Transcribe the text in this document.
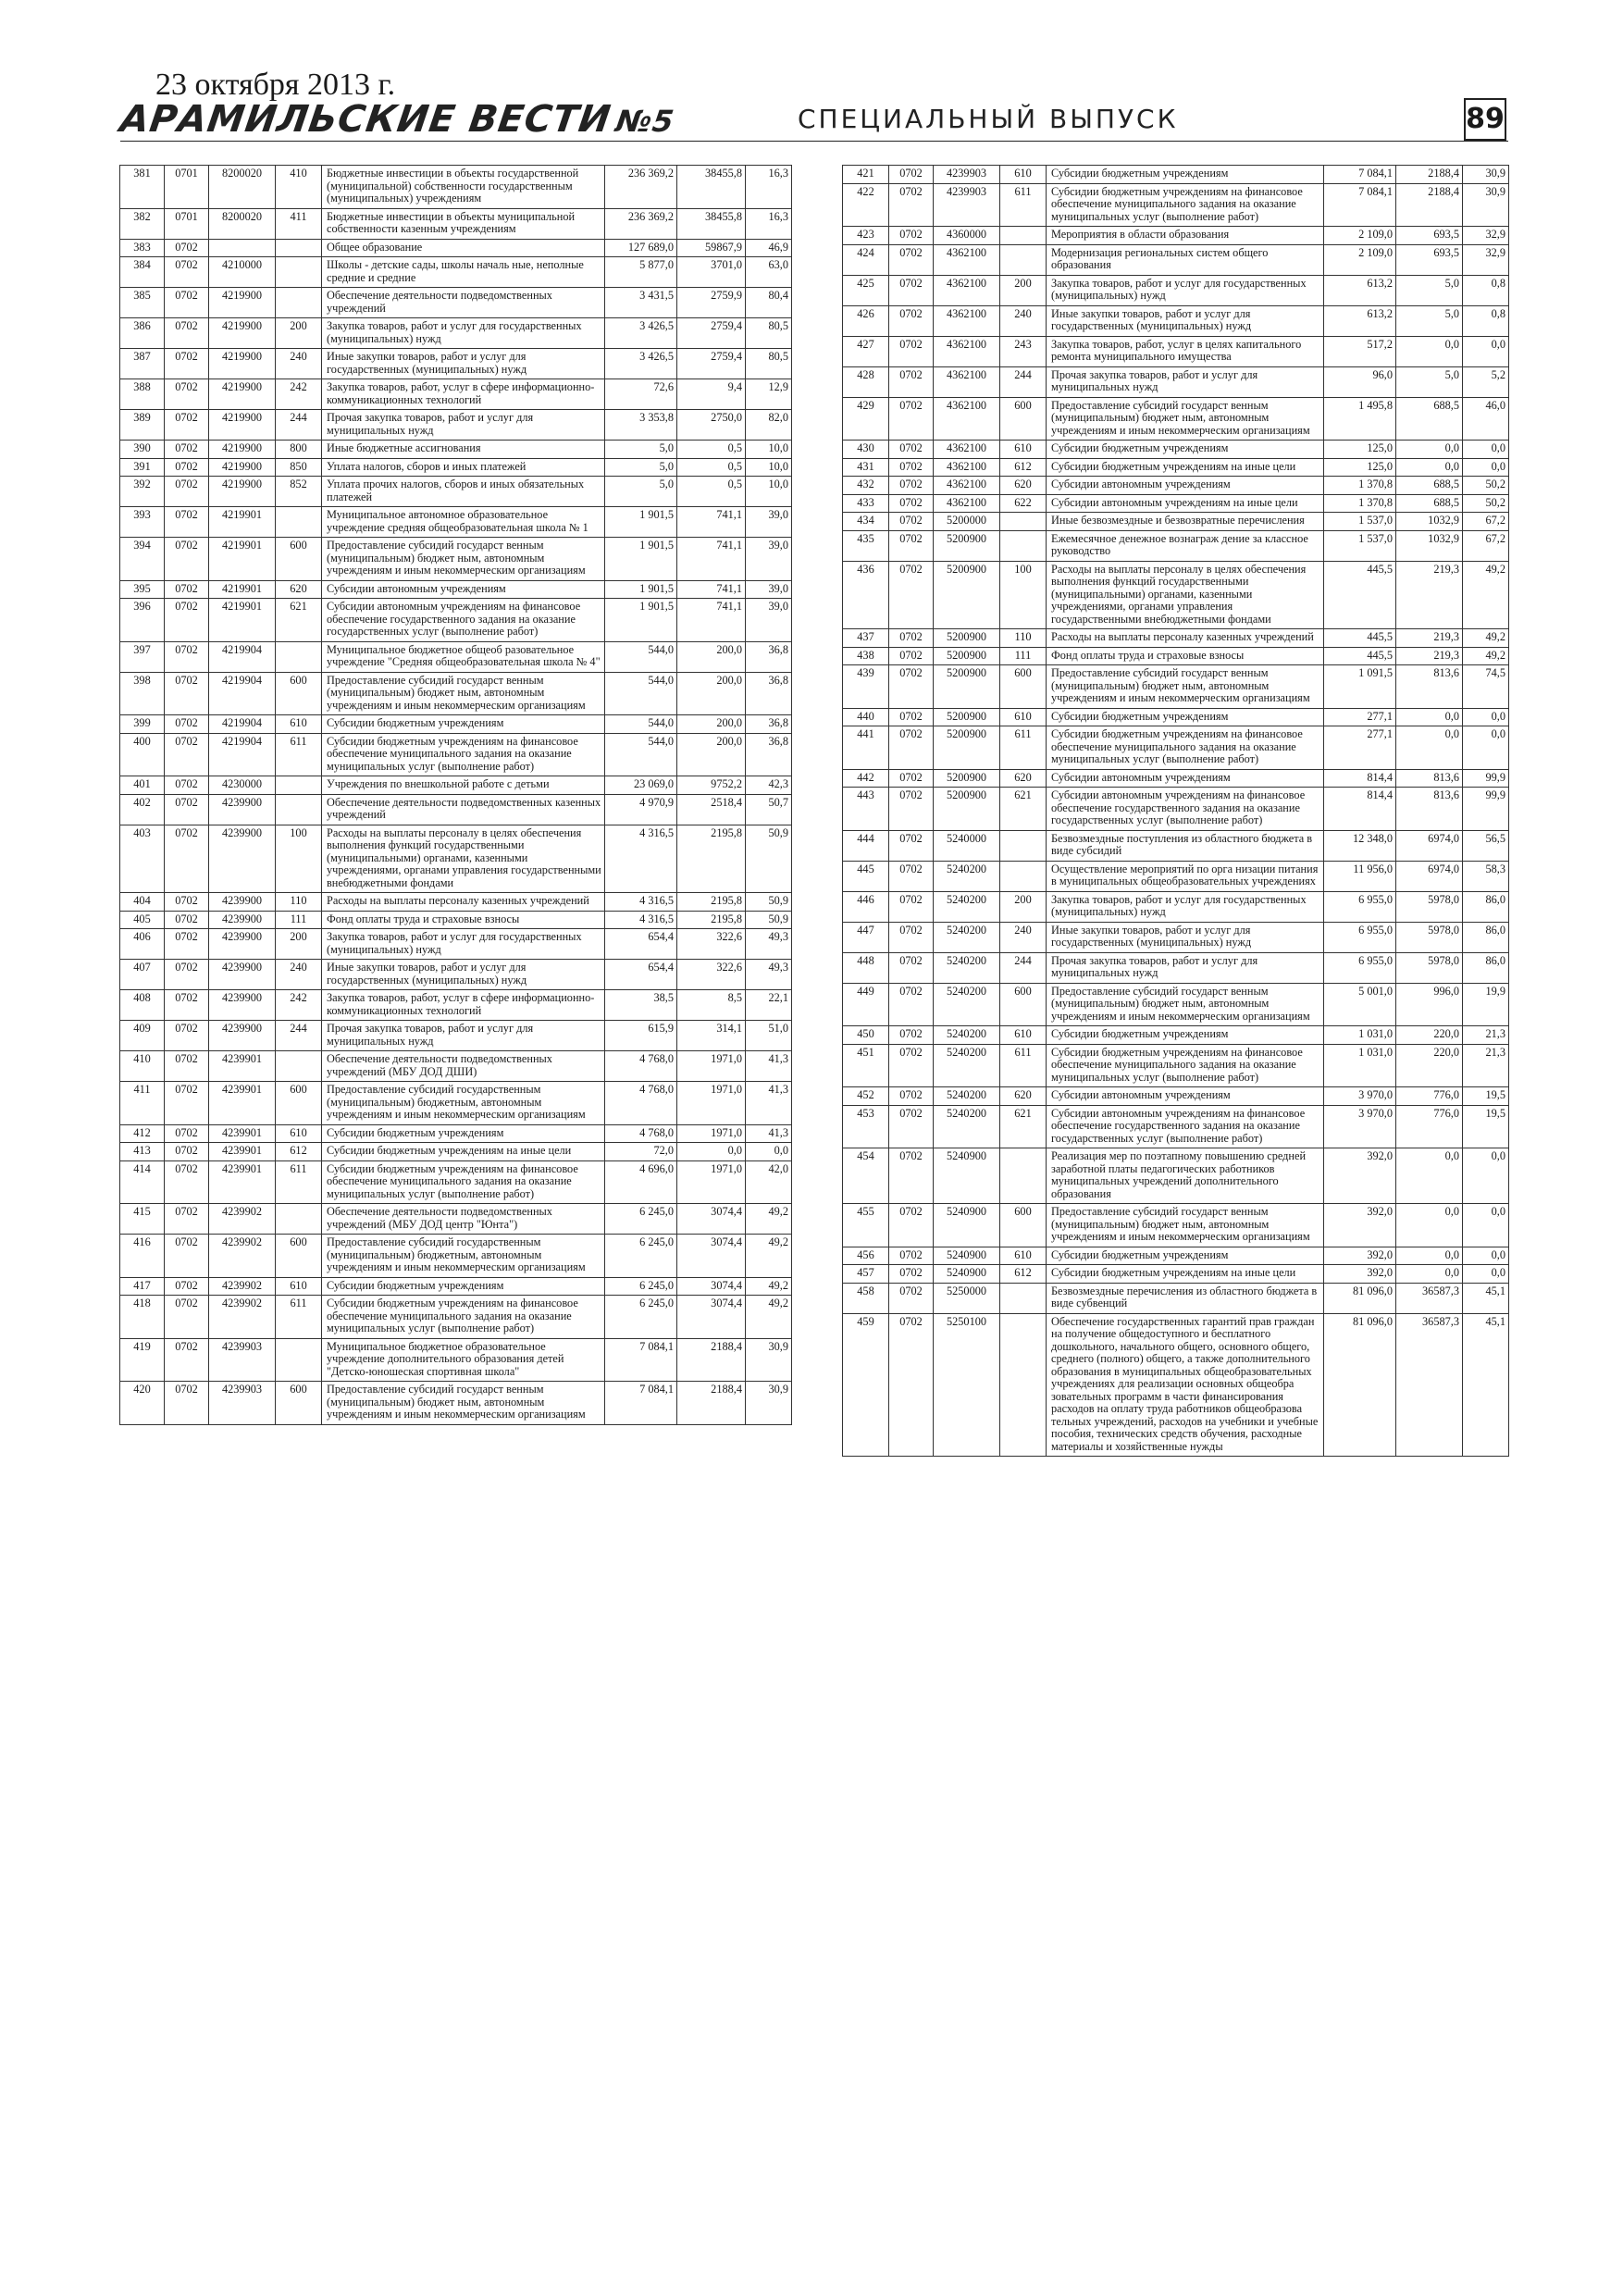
23 октября 2013 г.
АРАМИЛЬСКИЕ ВЕСТИ№5	СПЕЦИАЛЬНЫЙ ВЫПУСК	89
381	0701	8200020	410	Бюджетные инвестиции в объекты государственной (муниципальной) собственности государственным (муниципальных) учреждениям	236 369,2	38455,8	16,3
382	0701	8200020	411	Бюджетные инвестиции в объекты муниципальной собственности казенным учреждениям	236 369,2	38455,8	16,3
383	0702			Общее образование	127 689,0	59867,9	46,9
384	0702	4210000		Школы - детские сады, школы началь ные, неполные средние и средние	5 877,0	3701,0	63,0
385	0702	4219900		Обеспечение деятельности подведомственных учреждений	3 431,5	2759,9	80,4
386	0702	4219900	200	Закупка товаров, работ и услуг для государственных (муниципальных) нужд	3 426,5	2759,4	80,5
387	0702	4219900	240	Иные закупки товаров, работ и услуг для государственных (муниципальных) нужд	3 426,5	2759,4	80,5
388	0702	4219900	242	Закупка товаров, работ, услуг в сфере информационно-коммуникационных технологий	72,6	9,4	12,9
389	0702	4219900	244	Прочая закупка товаров, работ и услуг для муниципальных нужд	3 353,8	2750,0	82,0
390	0702	4219900	800	Иные бюджетные ассигнования	5,0	0,5	10,0
391	0702	4219900	850	Уплата налогов, сборов и иных платежей	5,0	0,5	10,0
392	0702	4219900	852	Уплата прочих налогов, сборов и иных обязательных платежей	5,0	0,5	10,0
393	0702	4219901		Муниципальное автономное образовательное учреждение средняя общеобразовательная школа № 1	1 901,5	741,1	39,0
394	0702	4219901	600	Предоставление субсидий государст венным (муниципальным) бюджет ным, автономным учреждениям и иным некоммерческим организациям	1 901,5	741,1	39,0
395	0702	4219901	620	Субсидии автономным учреждениям	1 901,5	741,1	39,0
396	0702	4219901	621	Субсидии автономным учреждениям на финансовое обеспечение государственного задания на оказание государственных услуг (выполнение работ)	1 901,5	741,1	39,0
397	0702	4219904		Муниципальное бюджетное общеоб разовательное учреждение "Средняя общеобразовательная школа № 4"	544,0	200,0	36,8
398	0702	4219904	600	Предоставление субсидий государст венным (муниципальным) бюджет ным, автономным учреждениям и иным некоммерческим организациям	544,0	200,0	36,8
399	0702	4219904	610	Субсидии бюджетным учреждениям	544,0	200,0	36,8
400	0702	4219904	611	Субсидии бюджетным учреждениям на финансовое обеспечение муниципального задания на оказание муниципальных услуг (выполнение работ)	544,0	200,0	36,8
401	0702	4230000		Учреждения по внешкольной работе с детьми	23 069,0	9752,2	42,3
402	0702	4239900		Обеспечение деятельности подведомственных казенных учреждений	4 970,9	2518,4	50,7
403	0702	4239900	100	Расходы на выплаты персоналу в целях обеспечения выполнения функций государственными (муниципальными) органами, казенными учреждениями, органами управления государственными внебюджетными фондами	4 316,5	2195,8	50,9
404	0702	4239900	110	Расходы на выплаты персоналу казенных учреждений	4 316,5	2195,8	50,9
405	0702	4239900	111	Фонд оплаты труда и страховые взносы	4 316,5	2195,8	50,9
406	0702	4239900	200	Закупка товаров, работ и услуг для государственных (муниципальных) нужд	654,4	322,6	49,3
407	0702	4239900	240	Иные закупки товаров, работ и услуг для государственных (муниципальных) нужд	654,4	322,6	49,3
408	0702	4239900	242	Закупка товаров, работ, услуг в сфере информационно-коммуникационных технологий	38,5	8,5	22,1
409	0702	4239900	244	Прочая закупка товаров, работ и услуг для муниципальных нужд	615,9	314,1	51,0
410	0702	4239901		Обеспечение деятельности подведомственных учреждений (МБУ ДОД ДШИ)	4 768,0	1971,0	41,3
411	0702	4239901	600	Предоставление субсидий государственным (муниципальным) бюджетным, автономным учреждениям и иным некоммерческим организациям	4 768,0	1971,0	41,3
412	0702	4239901	610	Субсидии бюджетным учреждениям	4 768,0	1971,0	41,3
413	0702	4239901	612	Субсидии бюджетным учреждениям на иные цели	72,0	0,0	0,0
414	0702	4239901	611	Субсидии бюджетным учреждениям на финансовое обеспечение муниципального задания на оказание муниципальных услуг (выполнение работ)	4 696,0	1971,0	42,0
415	0702	4239902		Обеспечение деятельности подведомственных учреждений (МБУ ДОД центр "Юнта")	6 245,0	3074,4	49,2
416	0702	4239902	600	Предоставление субсидий государственным (муниципальным) бюджетным, автономным учреждениям и иным некоммерческим организациям	6 245,0	3074,4	49,2
417	0702	4239902	610	Субсидии бюджетным учреждениям	6 245,0	3074,4	49,2
418	0702	4239902	611	Субсидии бюджетным учреждениям на финансовое обеспечение муниципального задания на оказание муниципальных услуг (выполнение работ)	6 245,0	3074,4	49,2
419	0702	4239903		Муниципальное бюджетное образовательное учреждение дополнительного образования детей "Детско-юношеская спортивная школа"	7 084,1	2188,4	30,9
420	0702	4239903	600	Предоставление субсидий государст венным (муниципальным) бюджет ным, автономным учреждениям и иным некоммерческим организациям	7 084,1	2188,4	30,9
421	0702	4239903	610	Субсидии бюджетным учреждениям	7 084,1	2188,4	30,9
422	0702	4239903	611	Субсидии бюджетным учреждениям на финансовое обеспечение муниципального задания на оказание муниципальных услуг (выполнение работ)	7 084,1	2188,4	30,9
423	0702	4360000		Мероприятия в области образования	2 109,0	693,5	32,9
424	0702	4362100		Модернизация региональных систем общего образования	2 109,0	693,5	32,9
425	0702	4362100	200	Закупка товаров, работ и услуг для государственных (муниципальных) нужд	613,2	5,0	0,8
426	0702	4362100	240	Иные закупки товаров, работ и услуг для государственных (муниципальных) нужд	613,2	5,0	0,8
427	0702	4362100	243	Закупка товаров, работ, услуг в целях капитального ремонта муниципального имущества	517,2	0,0	0,0
428	0702	4362100	244	Прочая закупка товаров, работ и услуг для муниципальных нужд	96,0	5,0	5,2
429	0702	4362100	600	Предоставление субсидий государст венным (муниципальным) бюджет ным, автономным учреждениям и иным некоммерческим организациям	1 495,8	688,5	46,0
430	0702	4362100	610	Субсидии бюджетным учреждениям	125,0	0,0	0,0
431	0702	4362100	612	Субсидии бюджетным учреждениям на иные цели	125,0	0,0	0,0
432	0702	4362100	620	Субсидии автономным учреждениям	1 370,8	688,5	50,2
433	0702	4362100	622	Субсидии автономным учреждениям на иные цели	1 370,8	688,5	50,2
434	0702	5200000		Иные безвозмездные и безвозвратные перечисления	1 537,0	1032,9	67,2
435	0702	5200900		Ежемесячное денежное вознаграж дение за классное руководство	1 537,0	1032,9	67,2
436	0702	5200900	100	Расходы на выплаты персоналу в целях обеспечения выполнения функций государственными (муниципальными) органами, казенными учреждениями, органами управления государственными внебюджетными фондами	445,5	219,3	49,2
437	0702	5200900	110	Расходы на выплаты персоналу казенных учреждений	445,5	219,3	49,2
438	0702	5200900	111	Фонд оплаты труда и страховые взносы	445,5	219,3	49,2
439	0702	5200900	600	Предоставление субсидий государст венным (муниципальным) бюджет ным, автономным учреждениям и иным некоммерческим организациям	1 091,5	813,6	74,5
440	0702	5200900	610	Субсидии бюджетным учреждениям	277,1	0,0	0,0
441	0702	5200900	611	Субсидии бюджетным учреждениям на финансовое обеспечение муниципального задания на оказание муниципальных услуг (выполнение работ)	277,1	0,0	0,0
442	0702	5200900	620	Субсидии автономным учреждениям	814,4	813,6	99,9
443	0702	5200900	621	Субсидии автономным учреждениям на финансовое обеспечение государственного задания на оказание государственных услуг (выполнение работ)	814,4	813,6	99,9
444	0702	5240000		Безвозмездные поступления из областного бюджета в виде субсидий	12 348,0	6974,0	56,5
445	0702	5240200		Осуществление мероприятий по орга низации питания в муниципальных общеобразовательных учреждениях	11 956,0	6974,0	58,3
446	0702	5240200	200	Закупка товаров, работ и услуг для государственных (муниципальных) нужд	6 955,0	5978,0	86,0
447	0702	5240200	240	Иные закупки товаров, работ и услуг для государственных (муниципальных) нужд	6 955,0	5978,0	86,0
448	0702	5240200	244	Прочая закупка товаров, работ и услуг для муниципальных нужд	6 955,0	5978,0	86,0
449	0702	5240200	600	Предоставление субсидий государст венным (муниципальным) бюджет ным, автономным учреждениям и иным некоммерческим организациям	5 001,0	996,0	19,9
450	0702	5240200	610	Субсидии бюджетным учреждениям	1 031,0	220,0	21,3
451	0702	5240200	611	Субсидии бюджетным учреждениям на финансовое обеспечение муниципального задания на оказание муниципальных услуг (выполнение работ)	1 031,0	220,0	21,3
452	0702	5240200	620	Субсидии автономным учреждениям	3 970,0	776,0	19,5
453	0702	5240200	621	Субсидии автономным учреждениям на финансовое обеспечение государственного задания на оказание государственных услуг (выполнение работ)	3 970,0	776,0	19,5
454	0702	5240900		Реализация мер по поэтапному повышению средней заработной платы педагогических работников муниципальных учреждений дополнительного образования	392,0	0,0	0,0
455	0702	5240900	600	Предоставление субсидий государст венным (муниципальным) бюджет ным, автономным учреждениям и иным некоммерческим организациям	392,0	0,0	0,0
456	0702	5240900	610	Субсидии бюджетным учреждениям	392,0	0,0	0,0
457	0702	5240900	612	Субсидии бюджетным учреждениям на иные цели	392,0	0,0	0,0
458	0702	5250000		Безвозмездные перечисления из областного бюджета в виде субвенций	81 096,0	36587,3	45,1
459	0702	5250100		Обеспечение государственных гарантий прав граждан на получение общедоступного и бесплатного дошкольного, начального общего, основного общего, среднего (полного) общего, а также дополнительного образования в муниципальных общеобразовательных учреждениях для реализации основных общеобра зовательных программ в части финансирования расходов на оплату труда работников общеобразова тельных учреждений, расходов на учебники и учебные пособия, технических средств обучения, расходные материалы и хозяйственные нужды	81 096,0	36587,3	45,1
